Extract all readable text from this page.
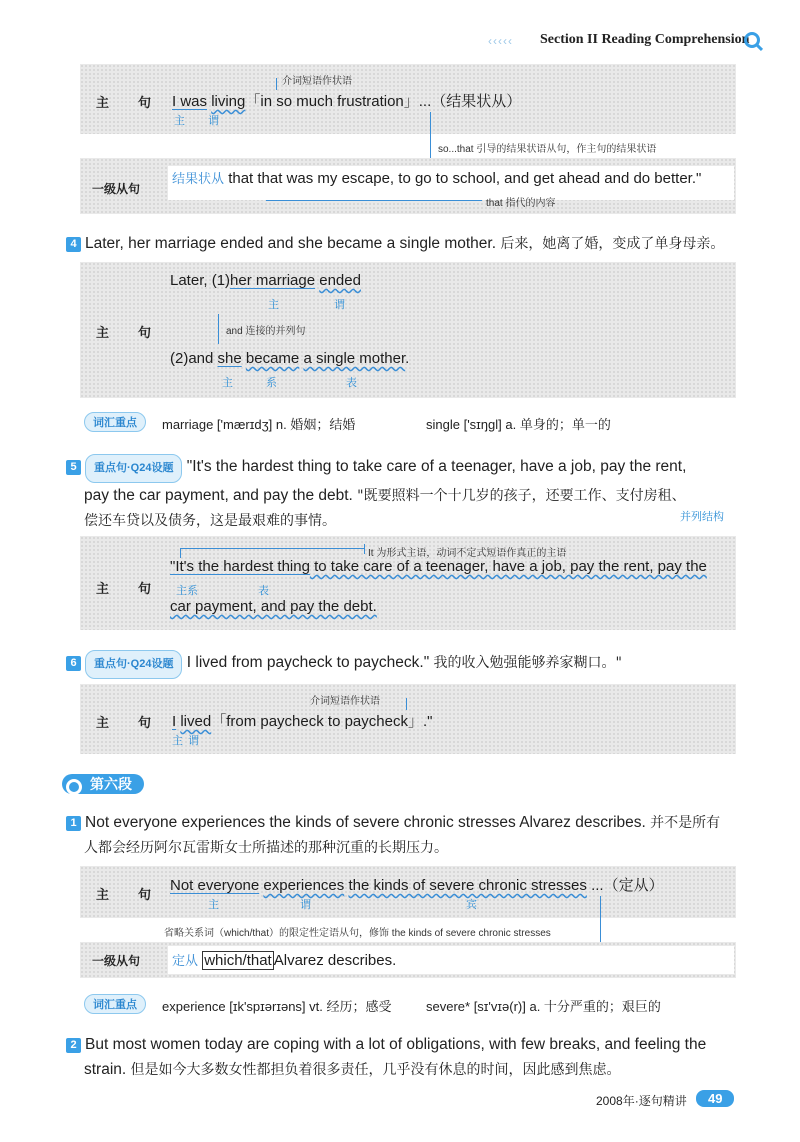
‹‹‹‹‹ Section II Reading Comprehension
主　句
介词短语作状语
I was living「in so much frustration」...（结果状从）
主 谓
so...that 引导的结果状语从句，作主句的结果状语
一级从句
结果状从 that that was my escape, to go to school, and get ahead and do better."
that 指代的内容
4 Later, her marriage ended and she became a single mother. 后来，她离了婚，变成了单身母亲。
Later, (1)her marriage ended
主	谓
主　句	and 连接的并列句
(2)and she became a single mother.
主	系	表
词汇重点	marriage ['mærɪdʒ] n. 婚姻；结婚	single ['sɪŋgl] a. 单身的；单一的
5 重点句·Q24设题 "It's the hardest thing to take care of a teenager, have a job, pay the rent,
pay the car payment, and pay the debt. "既要照料一个十几岁的孩子，还要工作、支付房租、
偿还车贷以及债务，这是最艰难的事情。	并列结构
It 为形式主语，动词不定式短语作真正的主语
主　句
"It's the hardest thing to take care of a teenager, have a job, pay the rent, pay the
主系	表
car payment, and pay the debt.
6 重点句·Q24设题 I lived from paycheck to paycheck." 我的收入勉强能够养家糊口。"
介词短语作状语
主　句 I lived「from paycheck to paycheck」."
主 谓
第六段
1 Not everyone experiences the kinds of severe chronic stresses Alvarez describes. 并不是所有
人都会经历阿尔瓦雷斯女士所描述的那种沉重的长期压力。
主　句
Not everyone experiences the kinds of severe chronic stresses ...（定从）
主	谓	宾
省略关系词（which/that）的限定性定语从句，修饰 the kinds of severe chronic stresses
一级从句 定从 which/that Alvarez describes.
词汇重点	experience [ɪk'spɪərɪəns] vt. 经历；感受	severe* [sɪ'vɪə(r)] a. 十分严重的；艰巨的
2 But most women today are coping with a lot of obligations, with few breaks, and feeling the
strain. 但是如今大多数女性都担负着很多责任，几乎没有休息的时间，因此感到焦虑。
2008年·逐句精讲	49
